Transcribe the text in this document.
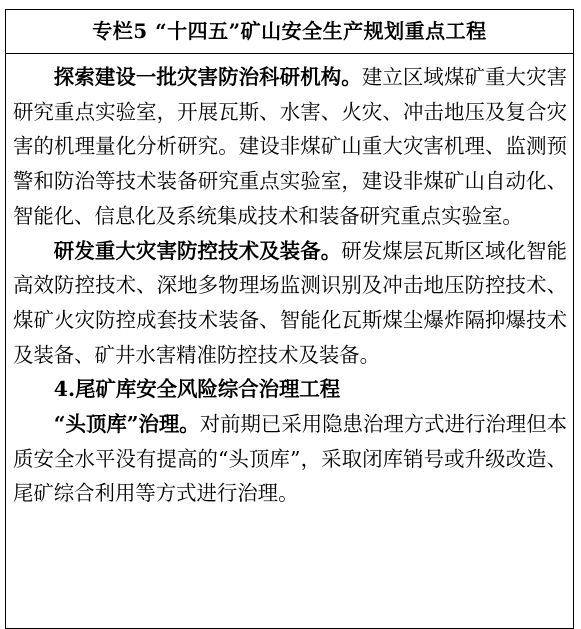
专栏5 “十四五”矿山安全生产规划重点工程

探索建设一批灾害防治科研机构。建立区域煤矿重大灾害研究重点实验室，开展瓦斯、水害、火灾、冲击地压及复合灾害的机理量化分析研究。建设非煤矿山重大灾害机理、监测预警和防治等技术装备研究重点实验室，建设非煤矿山自动化、智能化、信息化及系统集成技术和装备研究重点实验室。

研发重大灾害防控技术及装备。研发煤层瓦斯区域化智能高效防控技术、深地多物理场监测识别及冲击地压防控技术、煤矿火灾防控成套技术装备、智能化瓦斯煤尘爆炸隔抑爆技术及装备、矿井水害精准防控技术及装备。

4.尾矿库安全风险综合治理工程

“头顶库”治理。对前期已采用隐患治理方式进行治理但本质安全水平没有提高的“头顶库”，采取闭库销号或升级改造、尾矿综合利用等方式进行治理。
